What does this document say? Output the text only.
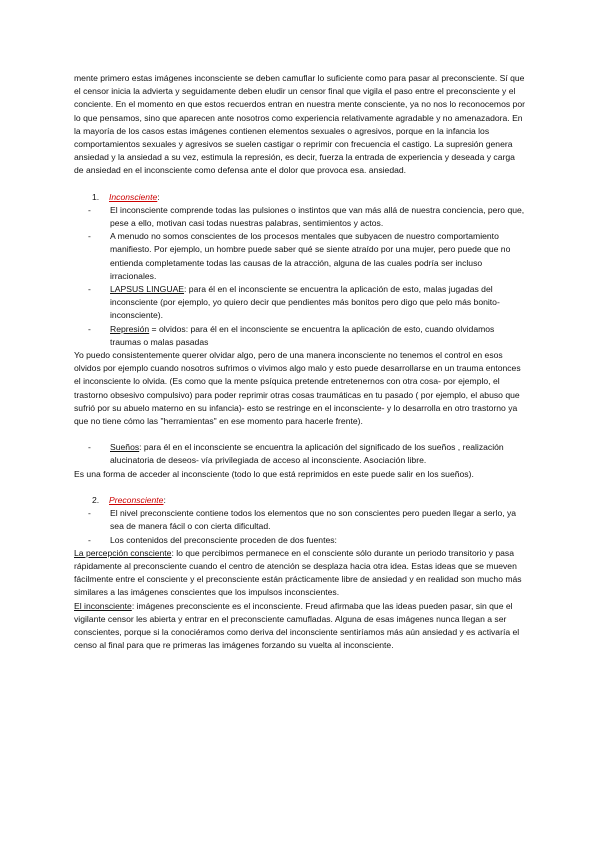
mente primero estas imágenes inconsciente se deben camuflar lo suficiente como para pasar al preconsciente. Sí que el censor inicia la advierta y seguidamente deben eludir un censor final que vigila el paso entre el preconsciente y el conciente. En el momento en que estos recuerdos entran en nuestra mente consciente, ya no nos lo reconocemos por lo que pensamos, sino que aparecen ante nosotros como experiencia relativamente agradable y no amenazadora. En la mayoría de los casos estas imágenes contienen elementos sexuales o agresivos, porque en la infancia los comportamientos sexuales y agresivos se suelen castigar o reprimir con frecuencia el castigo. La supresión genera ansiedad y la ansiedad a su vez, estimula la represión, es decir, fuerza la entrada de experiencia y deseada y carga de ansiedad en el inconsciente como defensa ante el dolor que provoca esa. ansiedad.

1. Inconsciente:

- El inconsciente comprende todas las pulsiones o instintos que van más allá de nuestra conciencia, pero que, pese a ello, motivan casi todas nuestras palabras, sentimientos y actos.

- A menudo no somos conscientes de los procesos mentales que subyacen de nuestro comportamiento manifiesto. Por ejemplo, un hombre puede saber qué se siente atraído por una mujer, pero puede que no entienda completamente todas las causas de la atracción, alguna de las cuales podría ser incluso irracionales.

- LAPSUS LINGUAE: para él en el inconsciente se encuentra la aplicación de esto, malas jugadas del inconsciente (por ejemplo, yo quiero decir que pendientes más bonitos pero digo que pelo más bonito- inconsciente).

- Represión = olvidos: para él en el inconsciente se encuentra la aplicación de esto, cuando olvidamos traumas o malas pasadas

Yo puedo consistentemente querer olvidar algo, pero de una manera inconsciente no tenemos el control en esos olvidos por ejemplo cuando nosotros sufrimos o vivimos algo malo y esto puede desarrollarse en un trauma entonces el inconsciente lo olvida. (Es como que la mente psíquica pretende entretenernos con otra cosa- por ejemplo, el trastorno obsesivo compulsivo) para poder reprimir otras cosas traumáticas en tu pasado ( por ejemplo, el abuso que sufrió por su abuelo materno en su infancia)- esto se restringe en el inconsciente- y lo desarrolla en otro trastorno ya que no tiene cómo las "herramientas" en ese momento para hacerle frente).

- Sueños: para él en el inconsciente se encuentra la aplicación del significado de los sueños , realización alucinatoria de deseos- vía privilegiada de acceso al inconsciente. Asociación libre.

Es una forma de acceder al inconsciente (todo lo que está reprimidos en este puede salir en los sueños).

2. Preconsciente:

- El nivel preconsciente contiene todos los elementos que no son conscientes pero pueden llegar a serlo, ya sea de manera fácil o con cierta dificultad.

- Los contenidos del preconsciente proceden de dos fuentes:

La percepción consciente: lo que percibimos permanece en el consciente sólo durante un periodo transitorio y pasa rápidamente al preconsciente cuando el centro de atención se desplaza hacia otra idea. Estas ideas que se mueven fácilmente entre el consciente y el preconsciente están prácticamente libre de ansiedad y en realidad son mucho más similares a las imágenes conscientes que los impulsos inconscientes.

El inconsciente: imágenes preconsciente es el inconsciente. Freud afirmaba que las ideas pueden pasar, sin que el vigilante censor les abierta y entrar en el preconsciente camufladas. Alguna de esas imágenes nunca llegan a ser conscientes, porque si la conociéramos como deriva del inconsciente sentiríamos más aún ansiedad y es activaría el censo al final para que re primeras las imágenes forzando su vuelta al inconsciente.
